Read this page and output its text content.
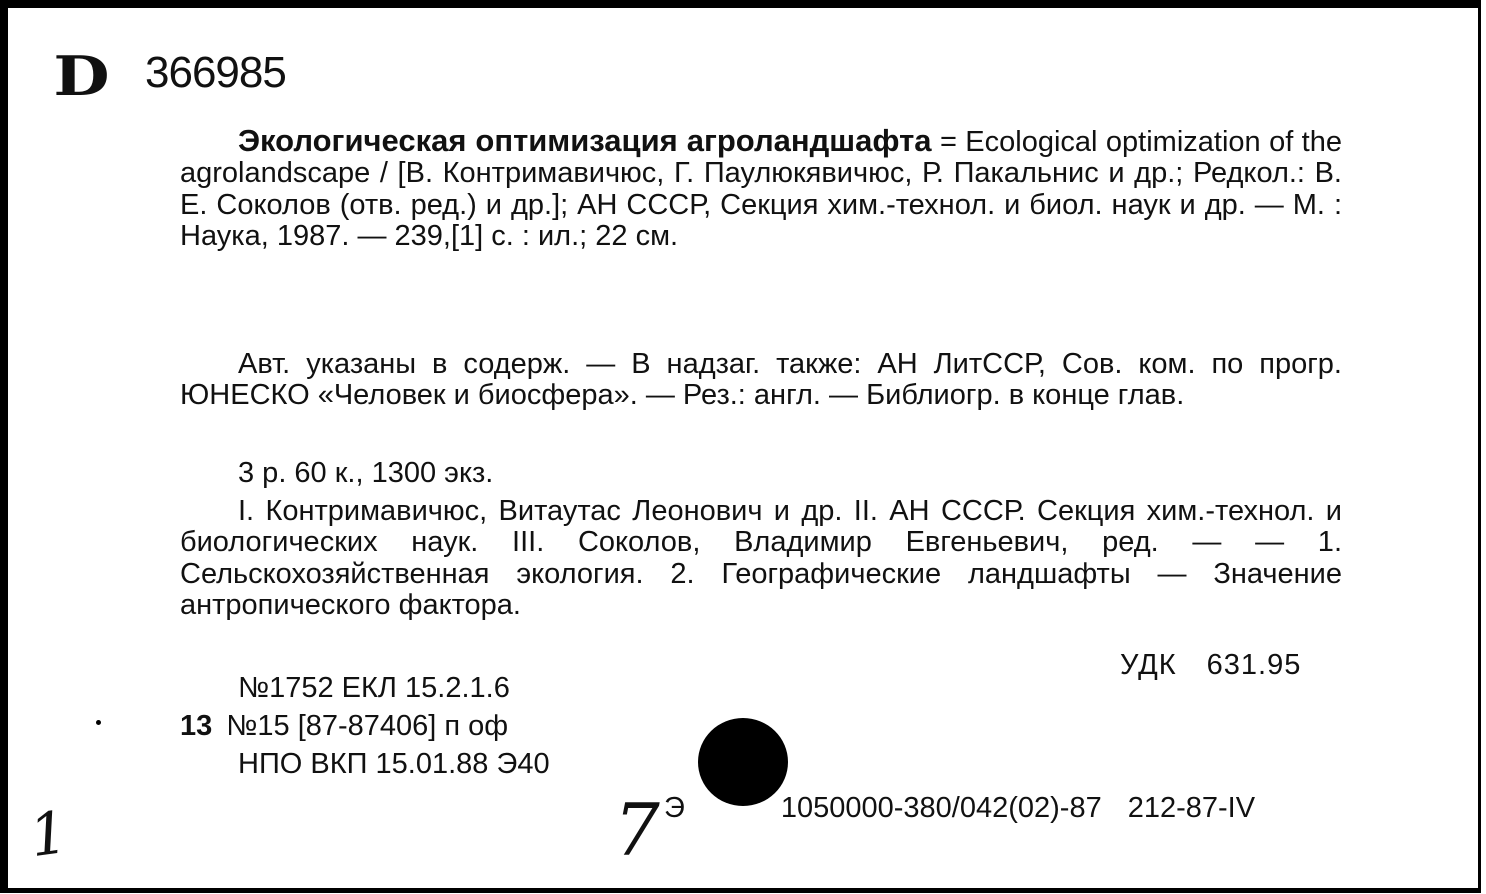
D 366985
Экологическая оптимизация агроландшафта = Ecological optimization of the agrolandscape / [В. Контримавичюс, Г. Паулюкявичюс, Р. Пакальнис и др.; Редкол.: В. Е. Соколов (отв. ред.) и др.]; АН СССР, Секция хим.-технол. и биол. наук и др. — М. : Наука, 1987. — 239,[1] с. : ил.; 22 см.
Авт. указаны в содерж. — В надзаг. также: АН ЛитССР, Сов. ком. по прогр. ЮНЕСКО «Человек и биосфера». — Рез.: англ. — Библиогр. в конце глав.
3 р. 60 к., 1300 экз.
I. Контримавичюс, Витаутас Леонович и др. II. АН СССР. Секция хим.-технол. и биологических наук. III. Соколов, Владимир Евгеньевич, ред. — — 1. Сельскохозяйственная экология. 2. Географические ландшафты — Значение антропического фактора.
УДК 631.95
№1752 ЕКЛ 15.2.1.6
13 №15 [87-87406] п оф
НПО ВКП 15.01.88 Э40
Э	1050000-380/042(02)-87 212-87-IV
1	7
